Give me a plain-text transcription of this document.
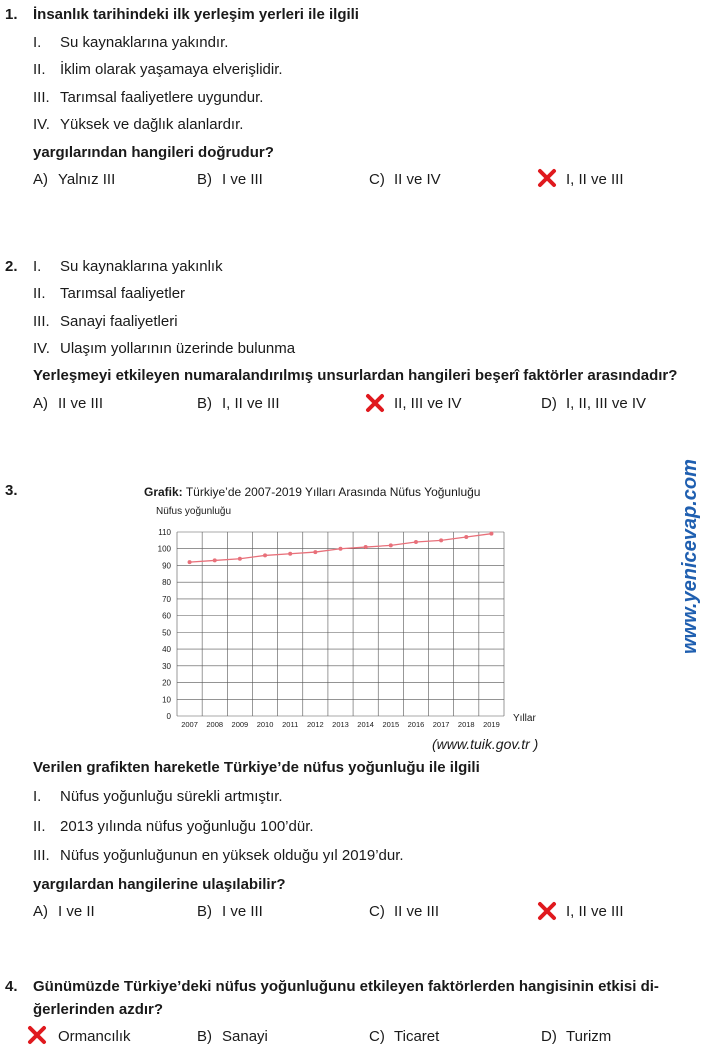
www.yenicevap.com
1. İnsanlık tarihindeki ilk yerleşim yerleri ile ilgili
I. Su kaynaklarına yakındır.
II. İklim olarak yaşamaya elverişlidir.
III. Tarımsal faaliyetlere uygundur.
IV. Yüksek ve dağlık alanlardır.
yargılarından hangileri doğrudur?
A) Yalnız III	B) I ve III	C) II ve IV	I, II ve III
2. I. Su kaynaklarına yakınlık
II. Tarımsal faaliyetler
III. Sanayi faaliyetleri
IV. Ulaşım yollarının üzerinde bulunma
Yerleşmeyi etkileyen numaralandırılmış unsurlardan hangileri beşerî faktörler arasındadır?
A) II ve III	B) I, II ve III	II, III ve IV	D) I, II, III ve IV
3.	Grafik: Türkiye’de 2007-2019 Yılları Arasında Nüfus Yoğunluğu
Nüfus yoğunluğu
Yıllar
0
10
20
30
40
50
60
70
80
90
100
110
2007 2008 2009 2010 2011 2012 2013 2014 2015 2016 2017 2018 2019
(www.tuik.gov.tr )
Verilen grafikten hareketle Türkiye’de nüfus yoğunluğu ile ilgili
I. Nüfus yoğunluğu sürekli artmıştır.
II. 2013 yılında nüfus yoğunluğu 100’dür.
III. Nüfus yoğunluğunun en yüksek olduğu yıl 2019’dur.
yargılardan hangilerine ulaşılabilir?
A) I ve II	B) I ve III	C) II ve III	I, II ve III
4. Günümüzde Türkiye’deki nüfus yoğunluğunu etkileyen faktörlerden hangisinin etkisi di-
ğerlerinden azdır?
Ormancılık	B) Sanayi	C) Ticaret	D) Turizm
